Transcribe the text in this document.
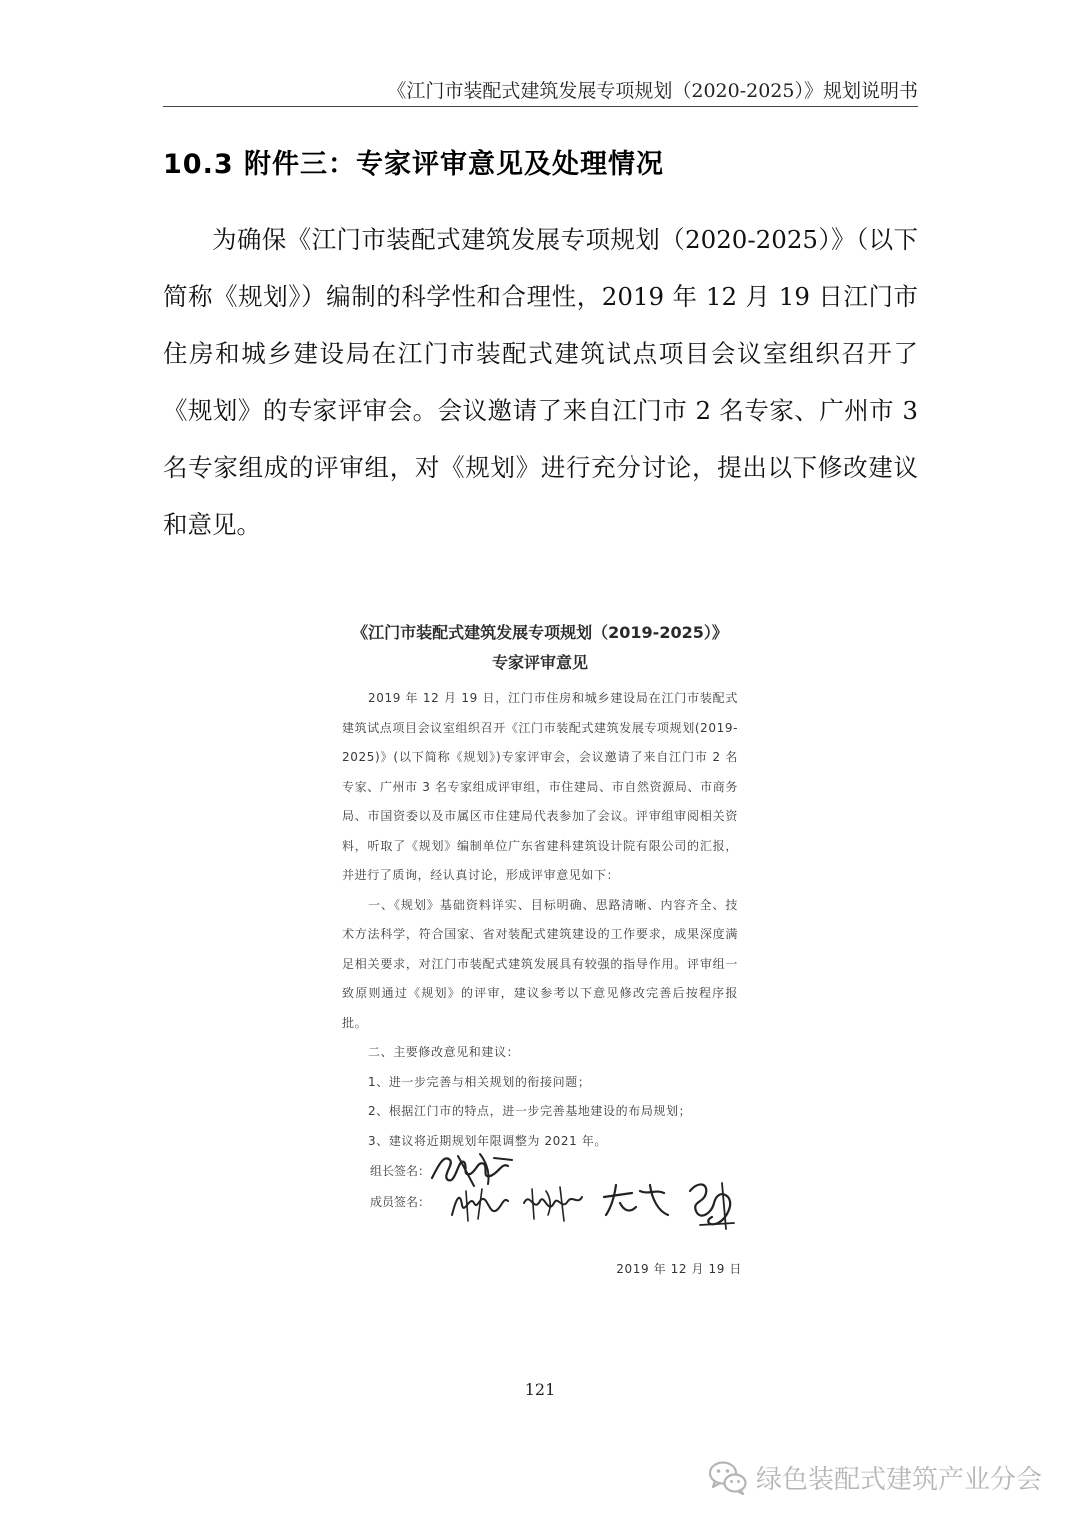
《江门市装配式建筑发展专项规划（2020-2025）》规划说明书
10.3 附件三：专家评审意见及处理情况
为确保《江门市装配式建筑发展专项规划（2020-2025）》（以下简称《规划》）编制的科学性和合理性，2019 年 12 月 19 日江门市住房和城乡建设局在江门市装配式建筑试点项目会议室组织召开了《规划》的专家评审会。会议邀请了来自江门市 2 名专家、广州市 3 名专家组成的评审组，对《规划》进行充分讨论，提出以下修改建议和意见。
《江门市装配式建筑发展专项规划（2019-2025）》
专家评审意见

2019 年 12 月 19 日，江门市住房和城乡建设局在江门市装配式建筑试点项目会议室组织召开《江门市装配式建筑发展专项规划(2019-2025)》(以下简称《规划》)专家评审会，会议邀请了来自江门市 2 名专家、广州市 3 名专家组成评审组，市住建局、市自然资源局、市商务局、市国资委以及市属区市住建局代表参加了会议。评审组审阅相关资料，听取了《规划》编制单位广东省建科建筑设计院有限公司的汇报，并进行了质询，经认真讨论，形成评审意见如下：

一、《规划》基础资料详实、目标明确、思路清晰、内容齐全、技术方法科学，符合国家、省对装配式建筑建设的工作要求，成果深度满足相关要求，对江门市装配式建筑发展具有较强的指导作用。评审组一致原则通过《规划》的评审，建议参考以下意见修改完善后按程序报批。

二、主要修改意见和建议：

1、进一步完善与相关规划的衔接问题；

2、根据江门市的特点，进一步完善基地建设的布局规划；

3、建议将近期规划年限调整为 2021 年。

组长签名：
成员签名：
2019 年 12 月 19 日
121
绿色装配式建筑产业分会
